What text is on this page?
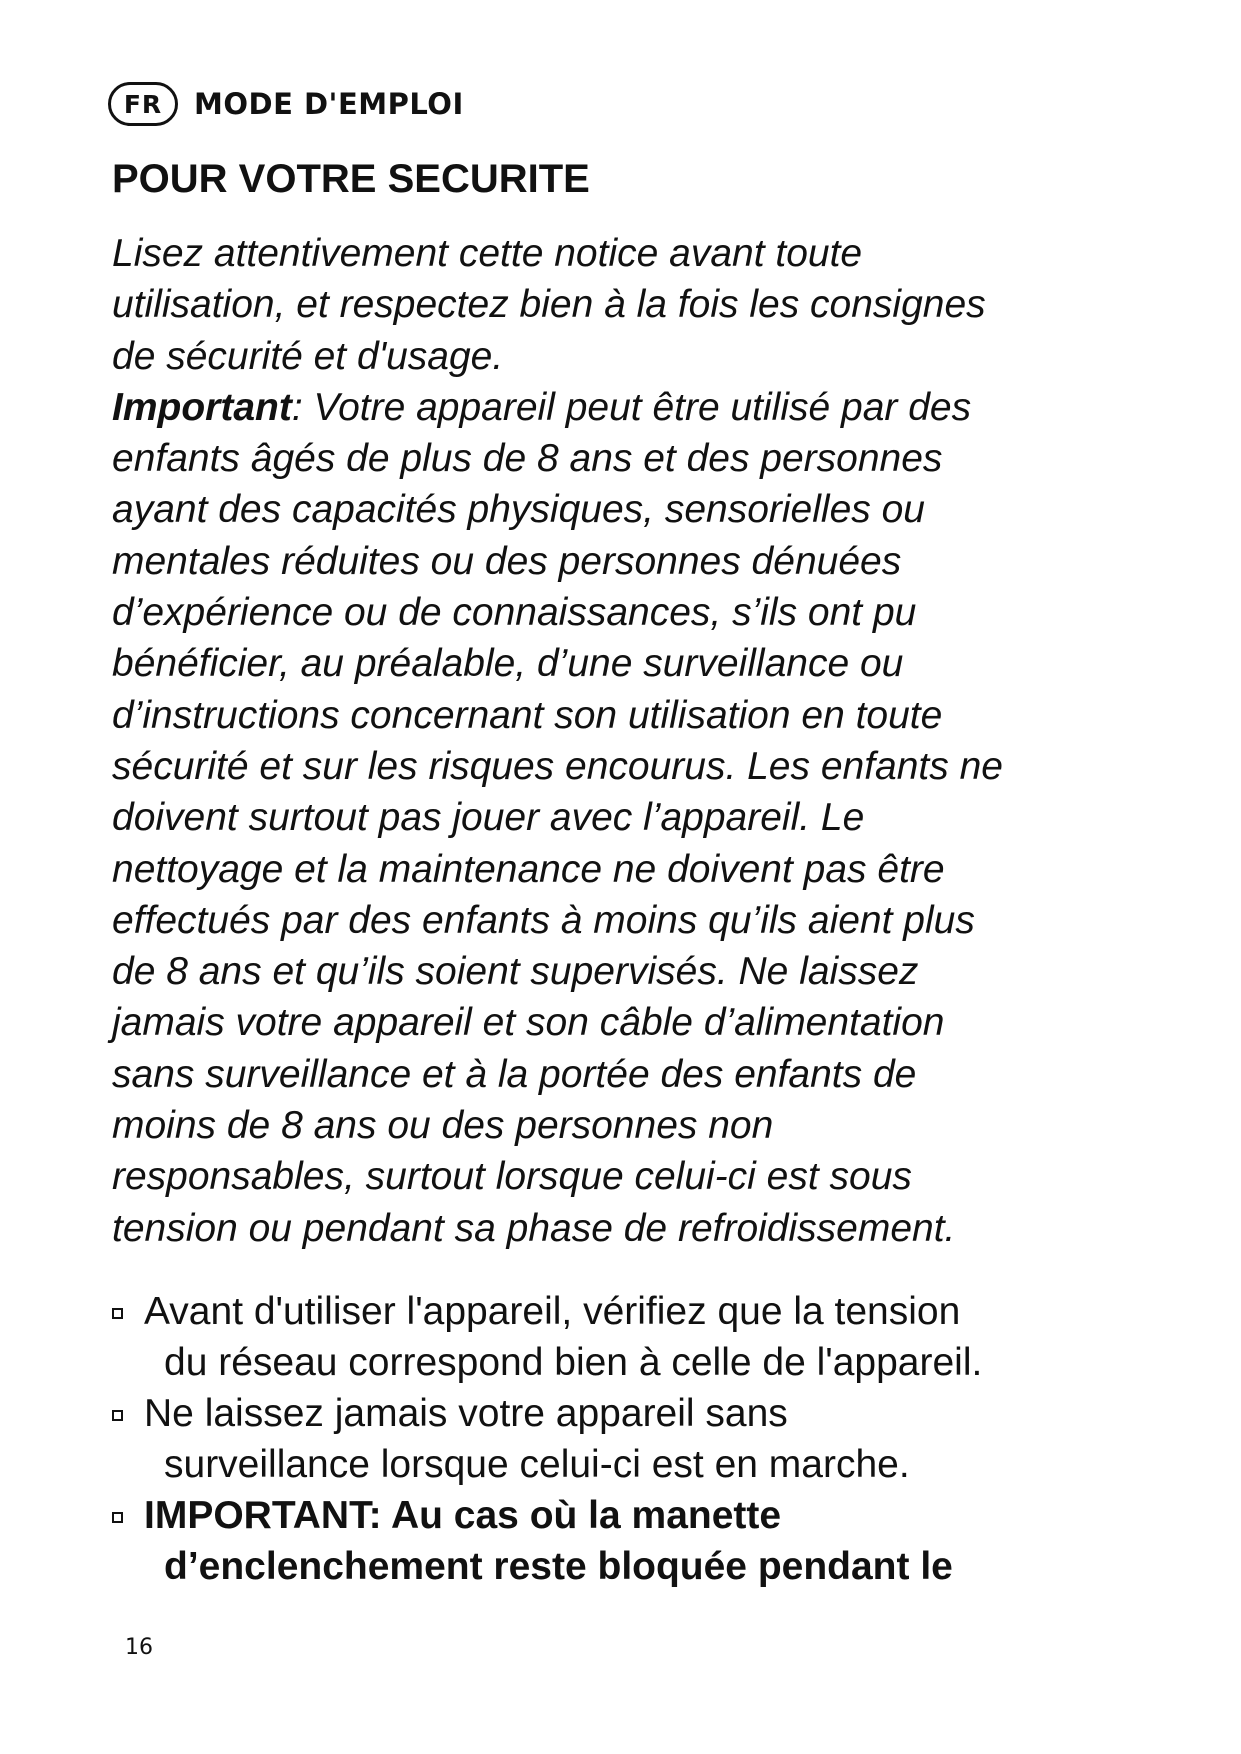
FR	MODE D'EMPLOI
POUR VOTRE SECURITE

Lisez attentivement cette notice avant toute
utilisation, et respectez bien à la fois les consignes
de sécurité et d'usage.
Important: Votre appareil peut être utilisé par des
enfants âgés de plus de 8 ans et des personnes
ayant des capacités physiques, sensorielles ou
mentales réduites ou des personnes dénuées
d’expérience ou de connaissances, s’ils ont pu
bénéficier, au préalable, d’une surveillance ou
d’instructions concernant son utilisation en toute
sécurité et sur les risques encourus. Les enfants ne
doivent surtout pas jouer avec l’appareil. Le
nettoyage et la maintenance ne doivent pas être
effectués par des enfants à moins qu’ils aient plus
de 8 ans et qu’ils soient supervisés. Ne laissez
jamais votre appareil et son câble d’alimentation
sans surveillance et à la portée des enfants de
moins de 8 ans ou des personnes non
responsables, surtout lorsque celui-ci est sous
tension ou pendant sa phase de refroidissement.

Avant d'utiliser l'appareil, vérifiez que la tension
du réseau correspond bien à celle de l'appareil.
Ne laissez jamais votre appareil sans
surveillance lorsque celui-ci est en marche.
IMPORTANT: Au cas où la manette
d’enclenchement reste bloquée pendant le
16
